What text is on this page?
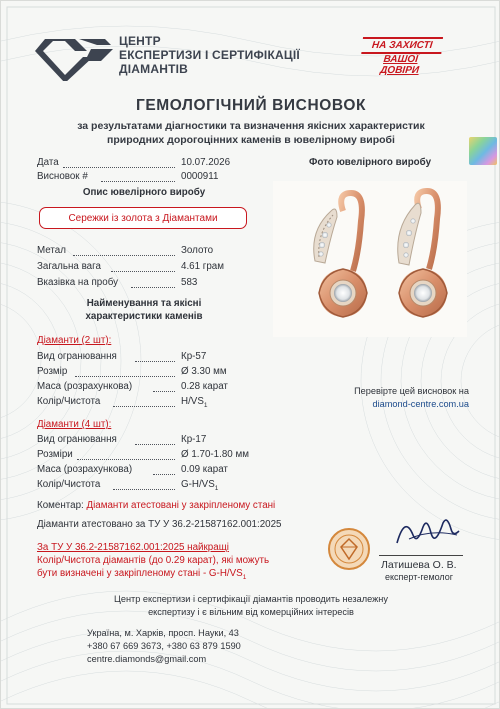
ЦЕНТР
ЕКСПЕРТИЗИ І СЕРТИФІКАЦІЇ
ДІАМАНТІВ
НА ЗАХИСТІ
ВАШОЇ
ДОВІРИ
ГЕМОЛОГІЧНИЙ ВИСНОВОК
за результатами діагностики та визначення якісних характеристик
природних дорогоцінних каменів в ювелірному виробі
Дата	10.07.2026
Висновок #	0000911
Опис ювелірного виробу
Сережки із золота з Діамантами
Фото ювелірного виробу
Метал	Золото
Загальна вага	4.61 грам
Вказівка на пробу	583
Найменування та якісні
характеристики каменів
Діаманти (2 шт):
Вид огранювання	Кр-57
Розмір	Ø 3.30 мм
Маса (розрахункова)	0.28 карат
Колір/Чистота	$H/VS_1$
Перевірте цей висновок на
diamond-centre.com.ua
Діаманти (4 шт):
Вид огранювання	Кр-17
Розміри	Ø 1.70-1.80 мм
Маса (розрахункова)	0.09 карат
Колір/Чистота	$G-H/VS_1$
Коментар: Діаманти атестовані у закріпленому стані
Діаманти атестовано за ТУ У 36.2-21587162.001:2025
За ТУ У 36.2-21587162.001:2025 найкращі
Колір/Чистота діамантів (до 0.29 карат), які можуть
бути визначені у закріпленому стані - $G-H/VS_1$
Латишева О. В.
експерт-гемолог
Центр експертизи і сертифікації діамантів проводить незалежну
експертизу і є вільним від комерційних інтересів
Україна, м. Харків, просп. Науки, 43
+380 67 669 3673, +380 63 879 1590
centre.diamonds@gmail.com
